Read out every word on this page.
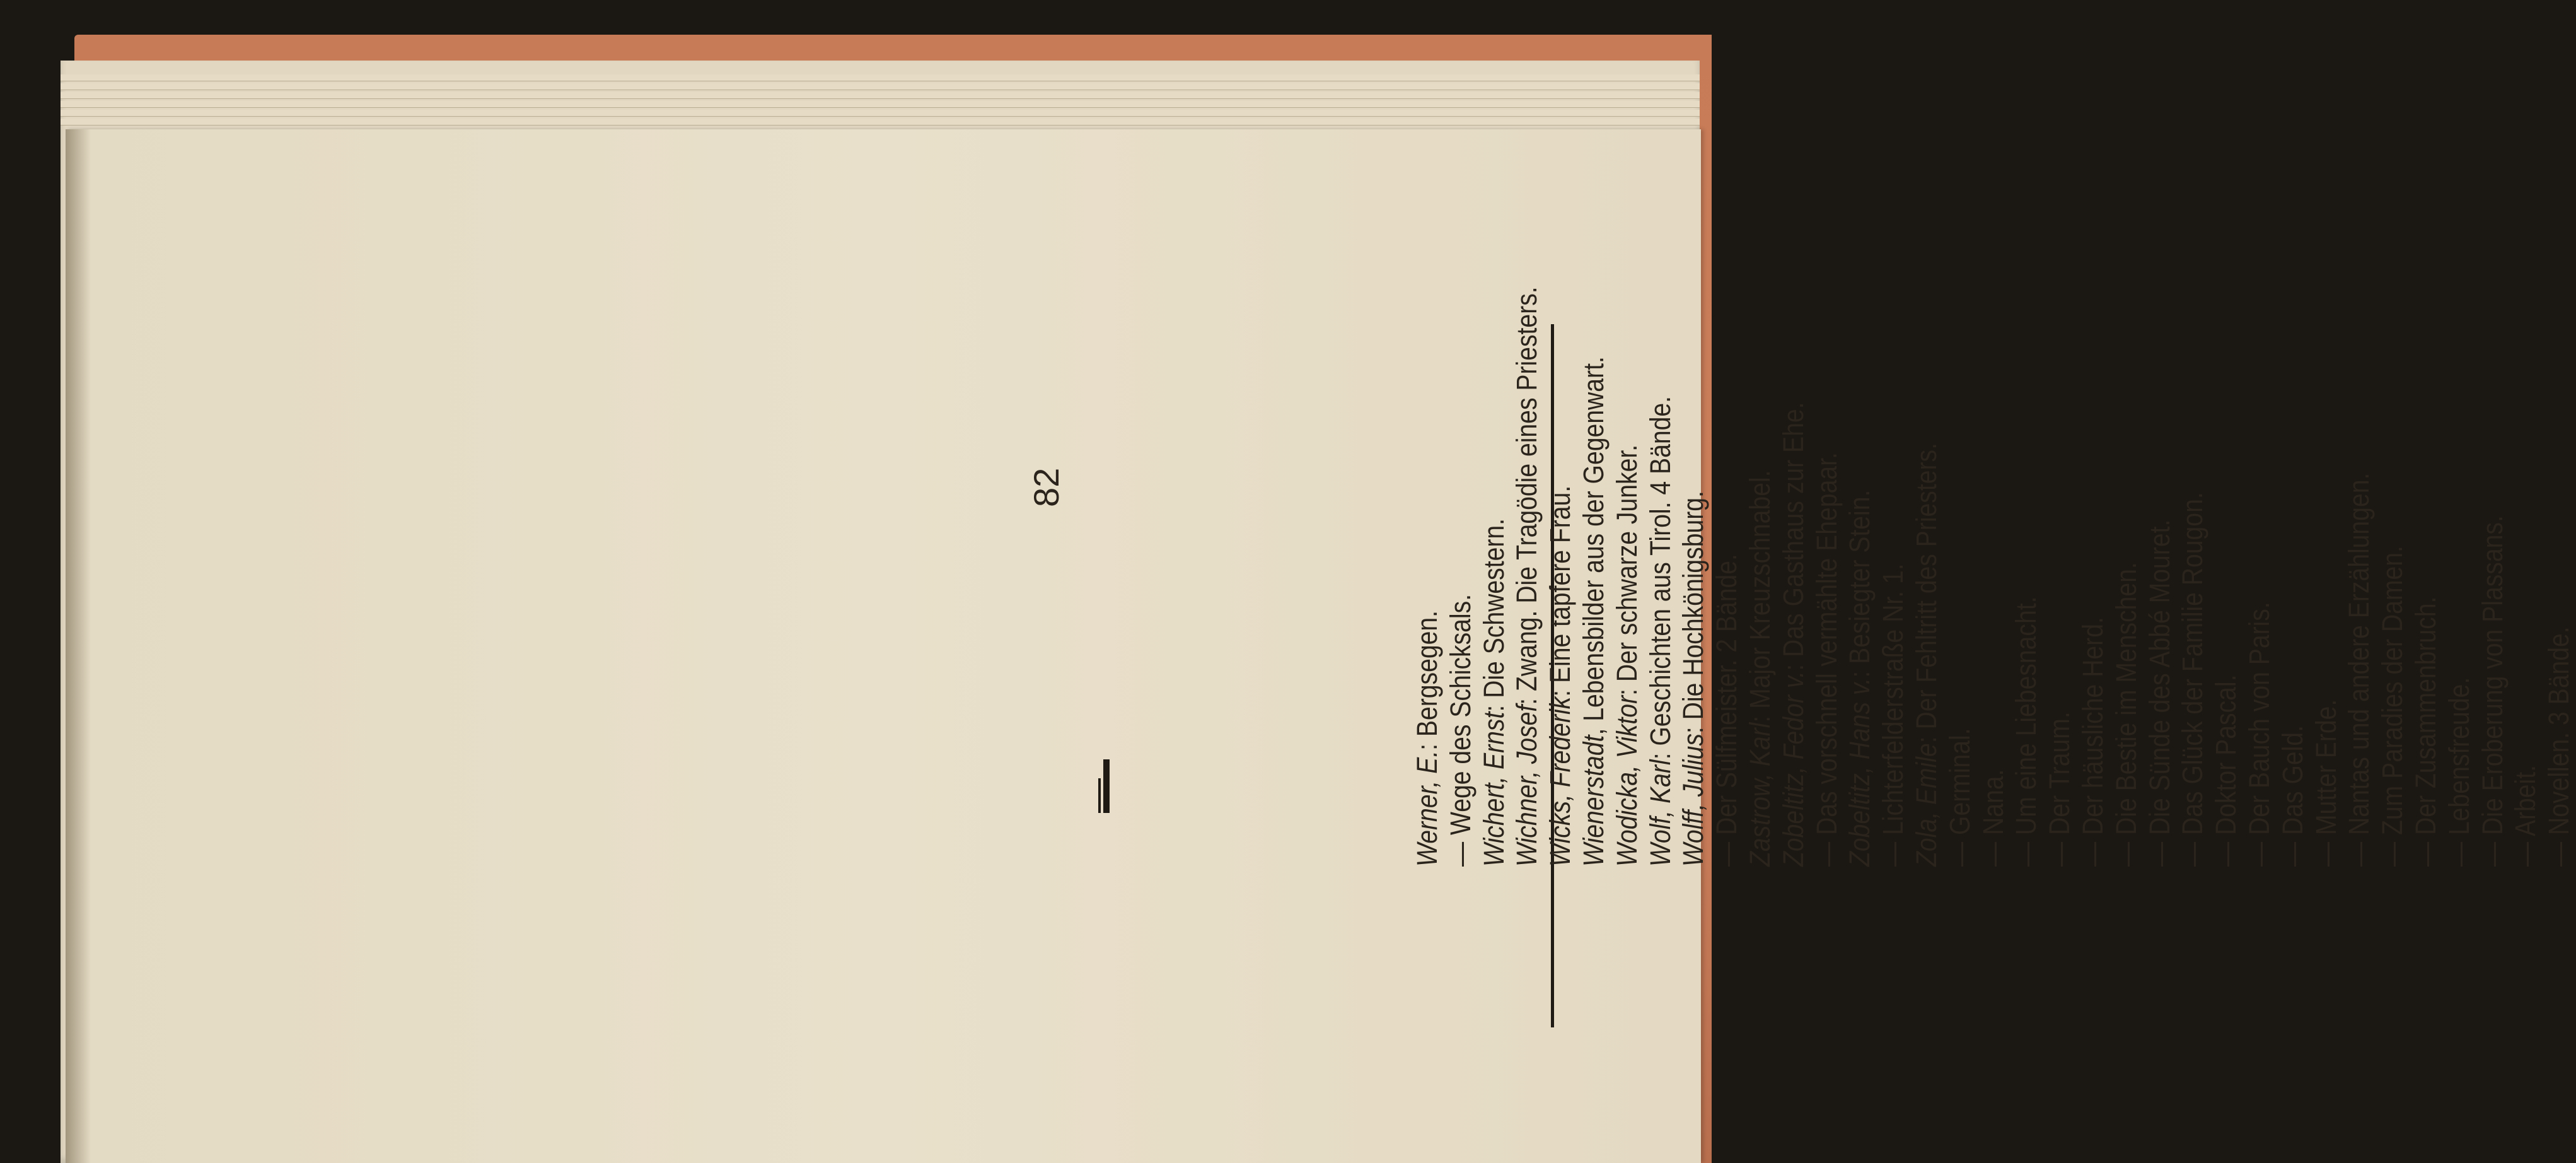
Werner, E.: Bergsegen.
— Wege des Schicksals. Wichert, Ernst: Die Schwestern.
Wichner, Josef: Zwang. Die Tragödie eines Priesters.
Wicks, Frederik: Eine tapfere Frau.
Wienerstadt, Lebensbilder aus der Gegenwart.
Wodicka, Viktor: Der schwarze Junker.
Wolf, Karl: Geschichten aus Tirol. 4 Bände.
Wolff, Julius: Die Hochkönigsburg.
— Der Sülfmeister. 2 Bände. Zastrow, Karl: Major Kreuzschnabel.
Zobeltitz, Fedor v.: Das Gasthaus zur Ehe.
— Das vorschnell vermählte Ehepaar. Zobeltitz, Hans v.: Besiegter Stein.
— Lichterfelderstraße Nr. 1. Zola, Emile: Der Fehltritt des Priesters.
— Germinal.
— Nana.
— Um eine Liebesnacht.
— Der Traum.
— Der häusliche Herd.
— Die Bestie im Menschen.
— Die Sünde des Abbé Mouret.
— Das Glück der Familie Rougon.
— Doktor Pascal.
— Der Bauch von Paris.
— Das Geld.
— Mutter Erde.
— Nantas und andere Erzählungen.
— Zum Paradies der Damen.
— Der Zusammenbruch.
— Lebensfreude.
— Die Eroberung von Plassans.
— Arbeit.
— Novellen. 3 Bände.
82
